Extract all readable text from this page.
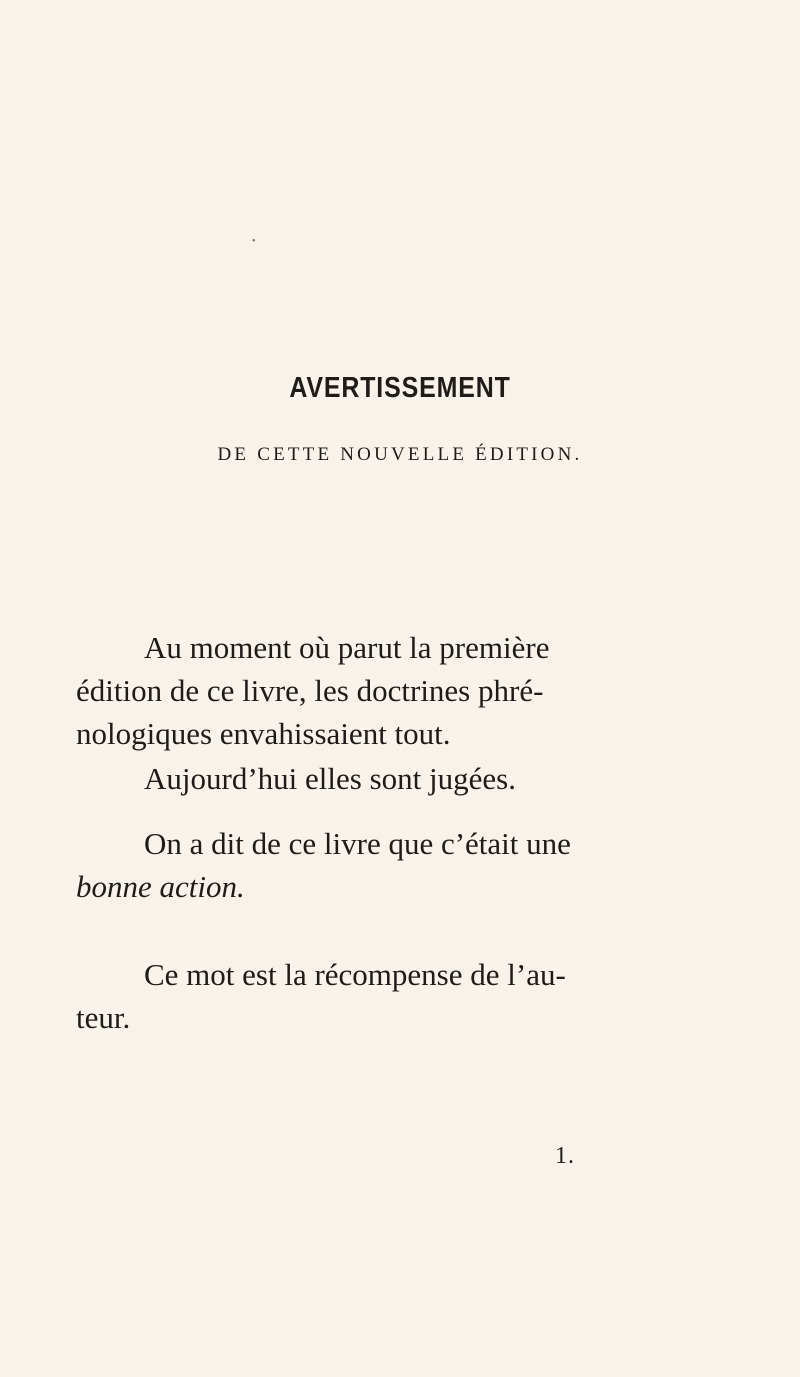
•
AVERTISSEMENT
DE CETTE NOUVELLE ÉDITION.

Au moment où parut la première
édition de ce livre, les doctrines phré-
nologiques envahissaient tout.

Aujourd’hui elles sont jugées.

On a dit de ce livre que c’était une
bonne action.

Ce mot est la récompense de l’au-
teur.

1.
